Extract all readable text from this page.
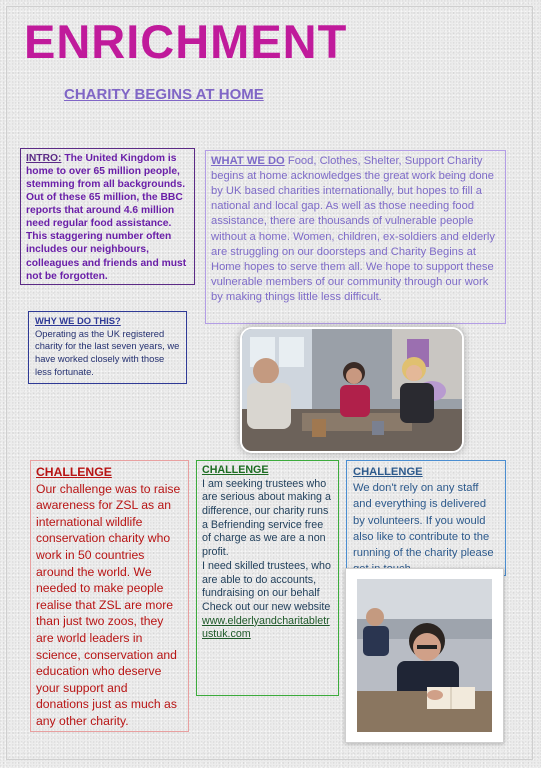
ENRICHMENT
CHARITY BEGINS AT HOME

INTRO: The United Kingdom is home to over 65 million people, stemming from all backgrounds. Out of these 65 million, the BBC reports that around 4.6 million need regular food assistance. This staggering number often includes our neighbours, colleagues and friends and must not be forgotten.

WHAT WE DO Food, Clothes, Shelter, Support Charity begins at home acknowledges the great work being done by UK based charities internationally, but hopes to fill a national and local gap. As well as those needing food assistance, there are thousands of vulnerable people without a home. Women, children, ex-soldiers and elderly are struggling on our doorsteps and Charity Begins at Home hopes to serve them all. We hope to support these vulnerable members of our community through our work by making things little less difficult.

WHY WE DO THIS?

Operating as the UK registered charity for the last seven years, we have worked closely with those less fortunate.

CHALLENGE

Our challenge was to raise awareness for ZSL as an international wildlife conservation charity who work in 50 countries around the world. We needed to make people realise that ZSL are more than just two zoos, they are world leaders in science, conservation and education who deserve your support and donations just as much as any other charity.

CHALLENGE

I am seeking trustees who are serious about making a difference, our charity runs a Befriending service free of charge as we are a non profit.

I need skilled trustees, who are able to do accounts, fundraising on our behalf

Check out our new website

www.elderlyandcharitabletrustuk.com

CHALLENGE

We don't rely on any staff and everything is delivered by volunteers. If you would also like to contribute to the running of the charity please
